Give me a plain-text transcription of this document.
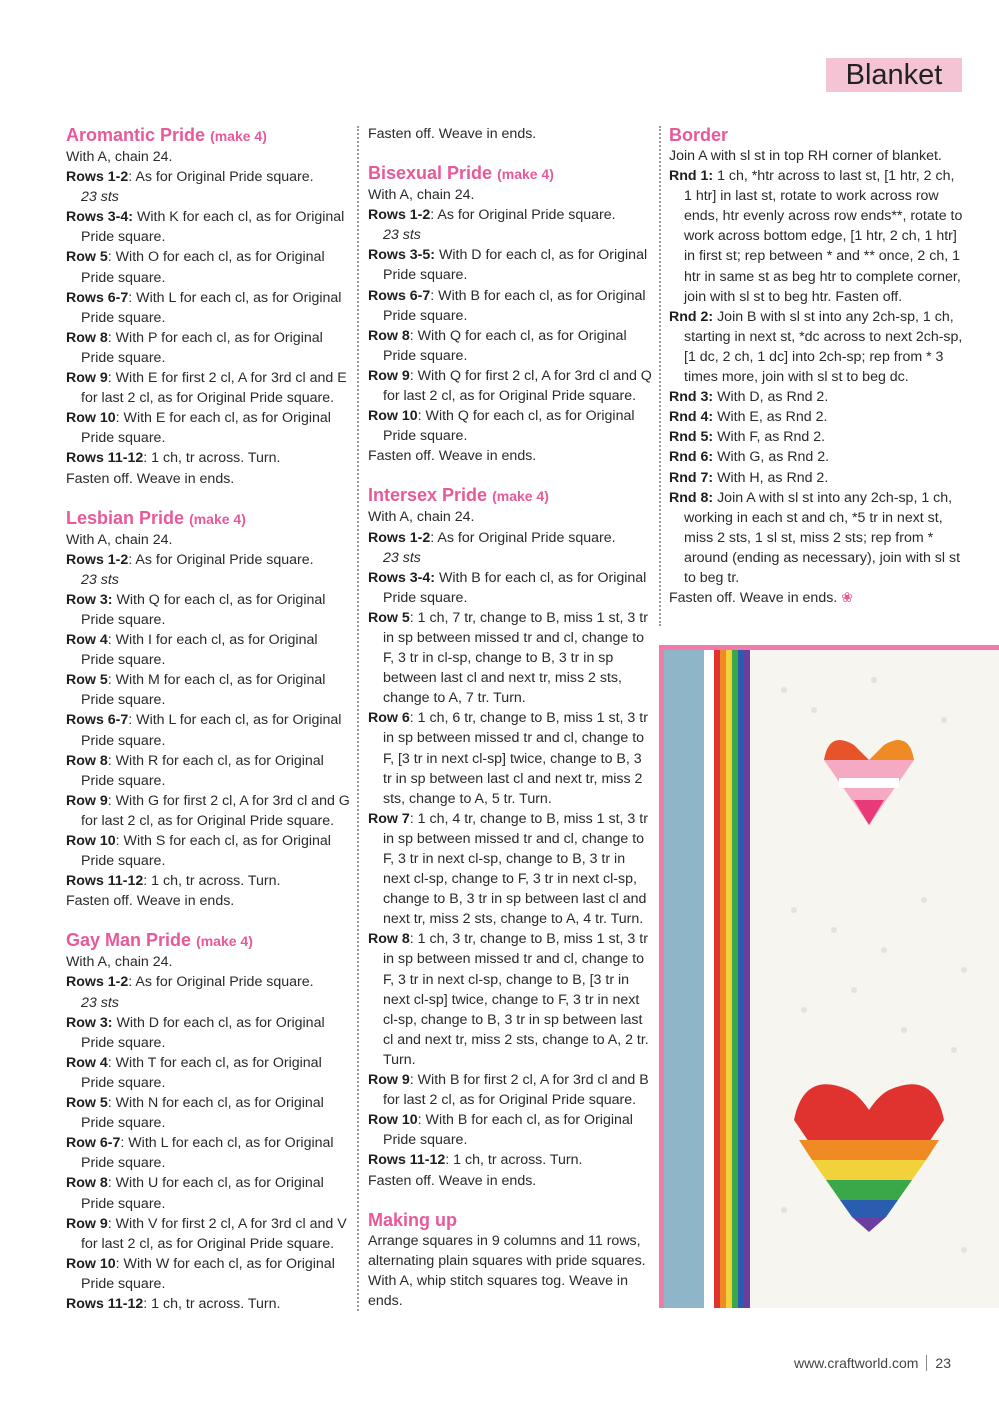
Blanket
Aromantic Pride (make 4)

With A, chain 24.

Rows 1-2: As for Original Pride square.

23 sts

Rows 3-4: With K for each cl, as for Original Pride square.

Row 5: With O for each cl, as for Original Pride square.

Rows 6-7: With L for each cl, as for Original Pride square.

Row 8: With P for each cl, as for Original Pride square.

Row 9: With E for first 2 cl, A for 3rd cl and E for last 2 cl, as for Original Pride square.

Row 10: With E for each cl, as for Original Pride square.

Rows 11-12: 1 ch, tr across. Turn.

Fasten off. Weave in ends.

Lesbian Pride (make 4)

With A, chain 24.

Rows 1-2: As for Original Pride square.

23 sts

Row 3: With Q for each cl, as for Original Pride square.

Row 4: With I for each cl, as for Original Pride square.

Row 5: With M for each cl, as for Original Pride square.

Rows 6-7: With L for each cl, as for Original Pride square.

Row 8: With R for each cl, as for Original Pride square.

Row 9: With G for first 2 cl, A for 3rd cl and G for last 2 cl, as for Original Pride square.

Row 10: With S for each cl, as for Original Pride square.

Rows 11-12: 1 ch, tr across. Turn.

Fasten off. Weave in ends.

Gay Man Pride (make 4)

With A, chain 24.

Rows 1-2: As for Original Pride square.

23 sts

Row 3: With D for each cl, as for Original Pride square.

Row 4: With T for each cl, as for Original Pride square.

Row 5: With N for each cl, as for Original Pride square.

Row 6-7: With L for each cl, as for Original Pride square.

Row 8: With U for each cl, as for Original Pride square.

Row 9: With V for first 2 cl, A for 3rd cl and V for last 2 cl, as for Original Pride square.

Row 10: With W for each cl, as for Original Pride square.

Rows 11-12: 1 ch, tr across. Turn.

Fasten off. Weave in ends.

Bisexual Pride (make 4)

With A, chain 24.

Rows 1-2: As for Original Pride square.

23 sts

Rows 3-5: With D for each cl, as for Original Pride square.

Rows 6-7: With B for each cl, as for Original Pride square.

Row 8: With Q for each cl, as for Original Pride square.

Row 9: With Q for first 2 cl, A for 3rd cl and Q for last 2 cl, as for Original Pride square.

Row 10: With Q for each cl, as for Original Pride square.

Fasten off. Weave in ends.

Intersex Pride (make 4)

With A, chain 24.

Rows 1-2: As for Original Pride square.

23 sts

Rows 3-4: With B for each cl, as for Original Pride square.

Row 5: 1 ch, 7 tr, change to B, miss 1 st, 3 tr in sp between missed tr and cl, change to F, 3 tr in cl-sp, change to B, 3 tr in sp between last cl and next tr, miss 2 sts, change to A, 7 tr. Turn.

Row 6: 1 ch, 6 tr, change to B, miss 1 st, 3 tr in sp between missed tr and cl, change to F, [3 tr in next cl-sp] twice, change to B, 3 tr in sp between last cl and next tr, miss 2 sts, change to A, 5 tr. Turn.

Row 7: 1 ch, 4 tr, change to B, miss 1 st, 3 tr in sp between missed tr and cl, change to F, 3 tr in next cl-sp, change to B, 3 tr in next cl-sp, change to F, 3 tr in next cl-sp, change to B, 3 tr in sp between last cl and next tr, miss 2 sts, change to A, 4 tr. Turn.

Row 8: 1 ch, 3 tr, change to B, miss 1 st, 3 tr in sp between missed tr and cl, change to F, 3 tr in next cl-sp, change to B, [3 tr in next cl-sp] twice, change to F, 3 tr in next cl-sp, change to B, 3 tr in sp between last cl and next tr, miss 2 sts, change to A, 2 tr. Turn.

Row 9: With B for first 2 cl, A for 3rd cl and B for last 2 cl, as for Original Pride square.

Row 10: With B for each cl, as for Original Pride square.

Rows 11-12: 1 ch, tr across. Turn.

Fasten off. Weave in ends.

Making up

Arrange squares in 9 columns and 11 rows, alternating plain squares with pride squares. With A, whip stitch squares tog. Weave in ends.

Border

Join A with sl st in top RH corner of blanket.

Rnd 1: 1 ch, *htr across to last st, [1 htr, 2 ch, 1 htr] in last st, rotate to work across row ends, htr evenly across row ends**, rotate to work across bottom edge, [1 htr, 2 ch, 1 htr] in first st; rep between * and ** once, 2 ch, 1 htr in same st as beg htr to complete corner, join with sl st to beg htr. Fasten off.

Rnd 2: Join B with sl st into any 2ch-sp, 1 ch, starting in next st, *dc across to next 2ch-sp, [1 dc, 2 ch, 1 dc] into 2ch-sp; rep from * 3 times more, join with sl st to beg dc.

Rnd 3: With D, as Rnd 2.

Rnd 4: With E, as Rnd 2.

Rnd 5: With F, as Rnd 2.

Rnd 6: With G, as Rnd 2.

Rnd 7: With H, as Rnd 2.

Rnd 8: Join A with sl st into any 2ch-sp, 1 ch, working in each st and ch, *5 tr in next st, miss 2 sts, 1 sl st, miss 2 sts; rep from * around (ending as necessary), join with sl st to beg tr.

Fasten off. Weave in ends. ❀

www.craftworld.com 23
